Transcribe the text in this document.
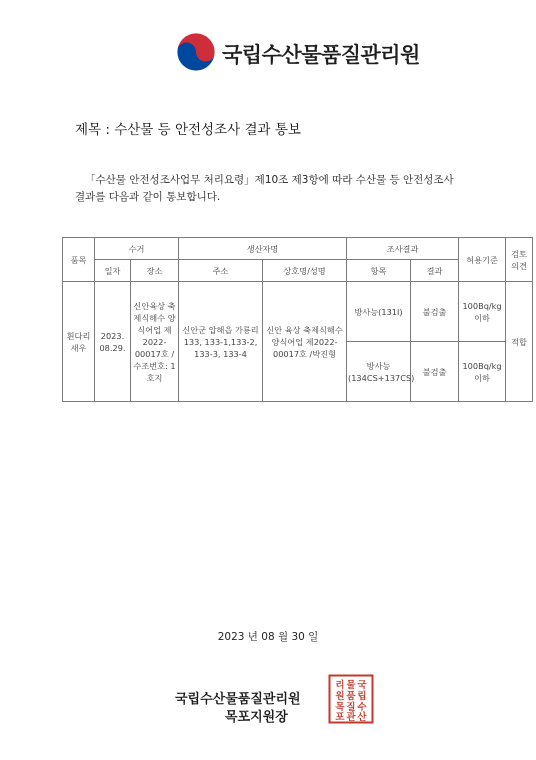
국립수산물품질관리원
제목 : 수산물 등 안전성조사 결과 통보
「수산물 안전성조사업무 처리요령」제10조 제3항에 따라 수산물 등 안전성조사
결과를 다음과 같이 통보합니다.
품목	수거		생산자명		조사결과		허용기준	검토 의견
	일자	장소	주소	상호명/성명	항목	결과		
흰다리 새우	2023. 08.29.	신안육상 축제식해수 양식어업 제2022-00017호 /수조번호: 1호지	신안군 압해읍 가룡리 133, 133-1,133-2, 133-3, 133-4	신안 육상 축제식해수 양식어업 제2022-00017호 /박진형	방사능(131I)	불검출	100Bq/kg 이하	적합
					방사능 (134CS+137CS)	불검출	100Bq/kg 이하	
2023 년 08 월 30 일
국립수산물품질관리원
목포지원장
국
립
수
산
물
품
질
관
리
원
목
포
